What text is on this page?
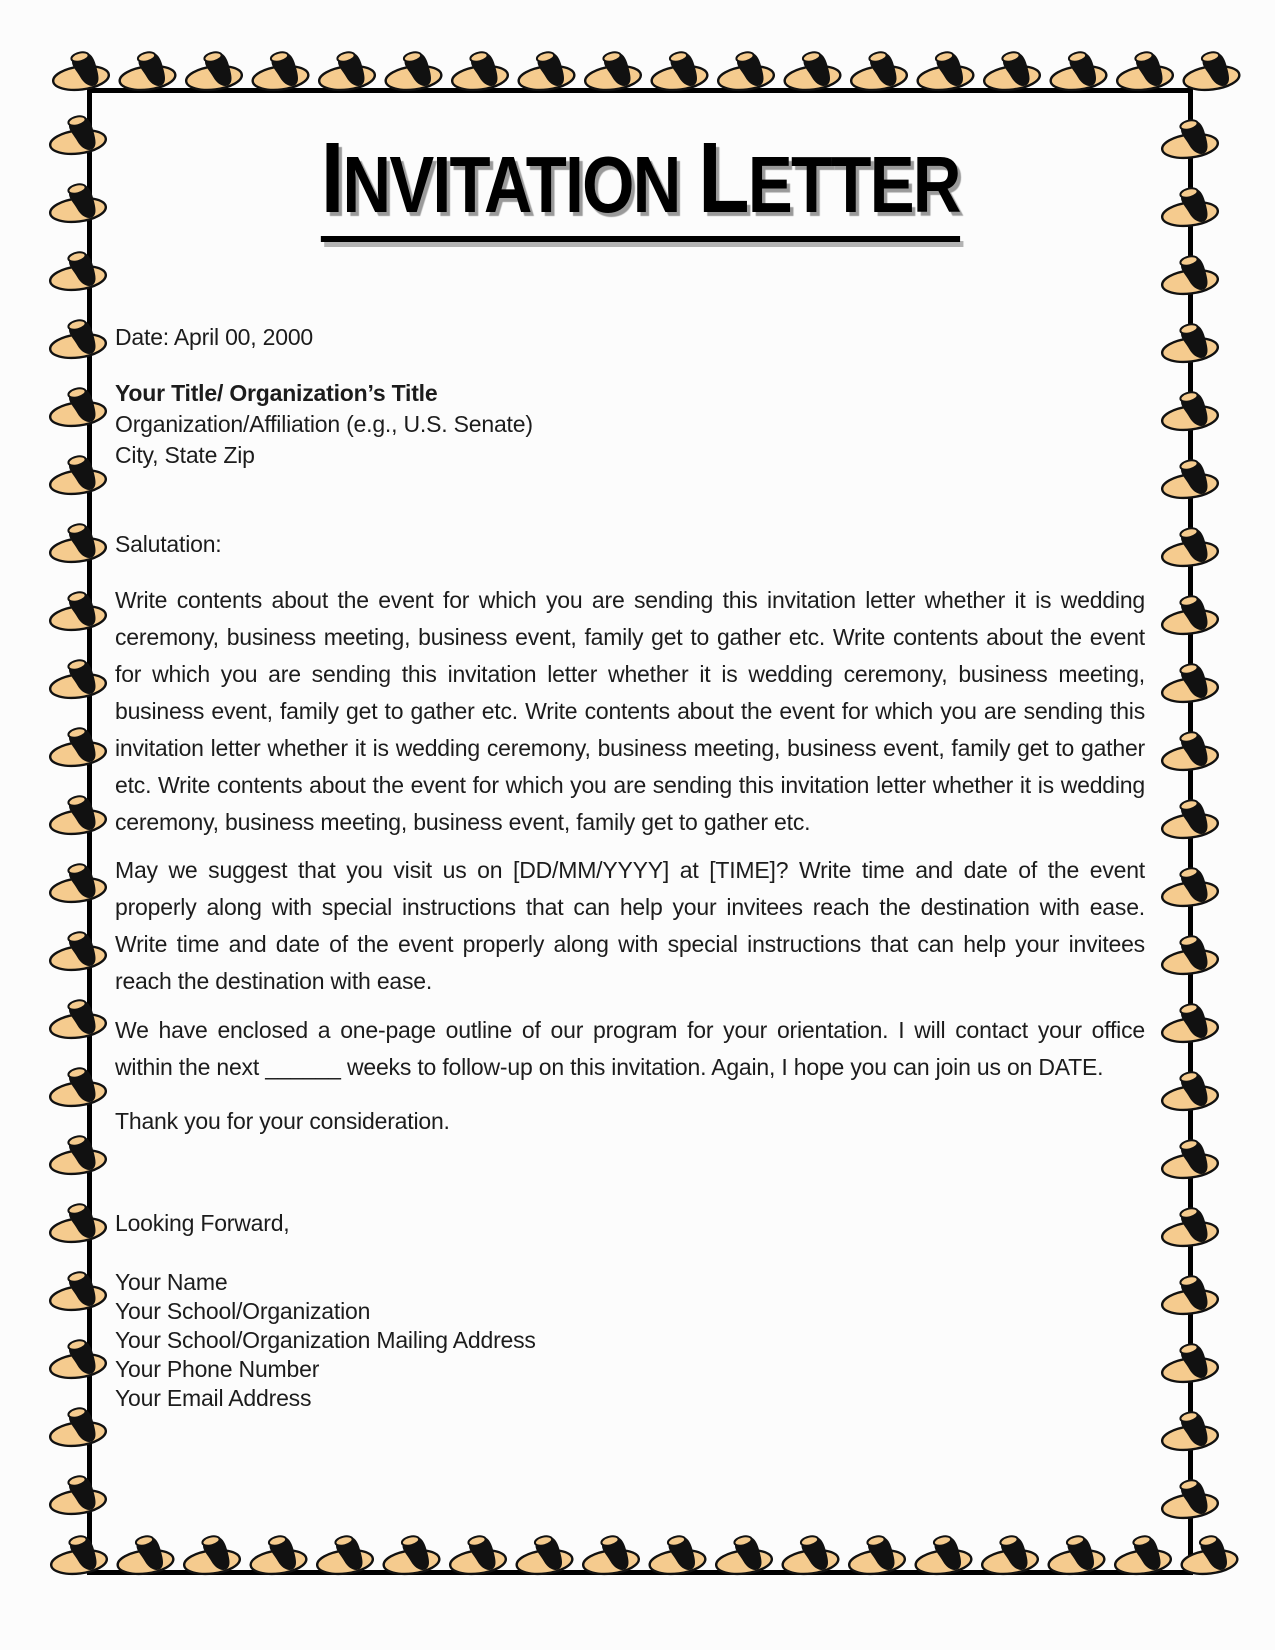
INVITATION LETTER
Date: April 00, 2000
Your Title/ Organization’s Title
Organization/Affiliation (e.g., U.S. Senate)
City, State Zip
Salutation:

Write contents about the event for which you are sending this invitation letter whether it is wedding ceremony, business meeting, business event, family get to gather etc. Write contents about the event for which you are sending this invitation letter whether it is wedding ceremony, business meeting, business event, family get to gather etc. Write contents about the event for which you are sending this invitation letter whether it is wedding ceremony, business meeting, business event, family get to gather etc. Write contents about the event for which you are sending this invitation letter whether it is wedding ceremony, business meeting, business event, family get to gather etc.

May we suggest that you visit us on [DD/MM/YYYY] at [TIME]? Write time and date of the event properly along with special instructions that can help your invitees reach the destination with ease. Write time and date of the event properly along with special instructions that can help your invitees reach the destination with ease.

We have enclosed a one-page outline of our program for your orientation. I will contact your office within the next ______ weeks to follow-up on this invitation. Again, I hope you can join us on DATE.

Thank you for your consideration.
Looking Forward,
Your Name
Your School/Organization
Your School/Organization Mailing Address
Your Phone Number
Your Email Address
